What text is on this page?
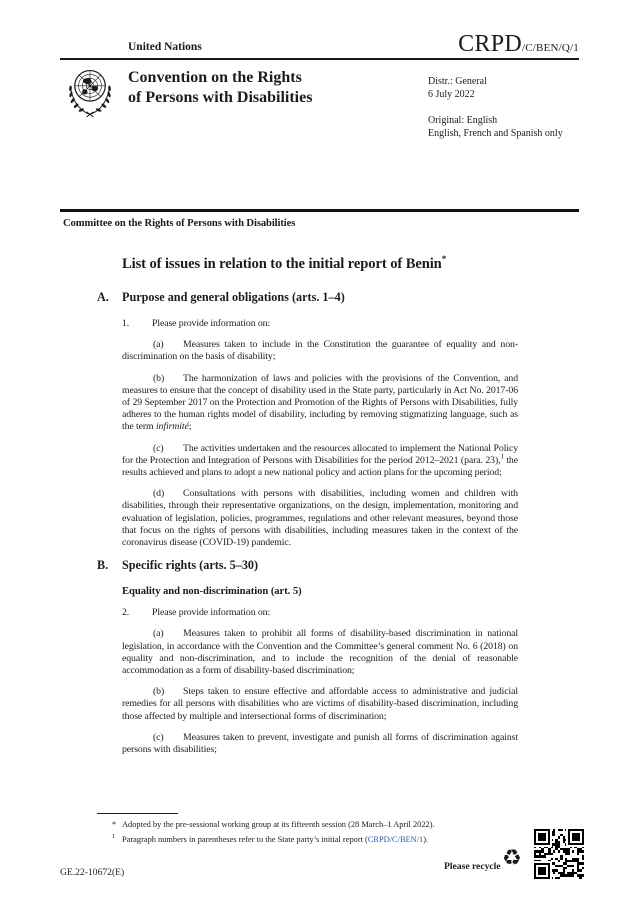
United Nations	CRPD/C/BEN/Q/1
Convention on the Rights
of Persons with Disabilities
Distr.: General
6 July 2022
Original: English
English, French and Spanish only
Committee on the Rights of Persons with Disabilities
List of issues in relation to the initial report of Benin*
A. Purpose and general obligations (arts. 1–4)

1. Please provide information on:

(a) Measures taken to include in the Constitution the guarantee of equality and non-discrimination on the basis of disability;

(b) The harmonization of laws and policies with the provisions of the Convention, and measures to ensure that the concept of disability used in the State party, particularly in Act No. 2017-06 of 29 September 2017 on the Protection and Promotion of the Rights of Persons with Disabilities, fully adheres to the human rights model of disability, including by removing stigmatizing language, such as the term infirmité;

(c) The activities undertaken and the resources allocated to implement the National Policy for the Protection and Integration of Persons with Disabilities for the period 2012–2021 (para. 23),$^1$ the results achieved and plans to adopt a new national policy and action plans for the upcoming period;

(d) Consultations with persons with disabilities, including women and children with disabilities, through their representative organizations, on the design, implementation, monitoring and evaluation of legislation, policies, programmes, regulations and other relevant measures, beyond those that focus on the rights of persons with disabilities, including measures taken in the context of the coronavirus disease (COVID-19) pandemic.

B. Specific rights (arts. 5–30)
Equality and non-discrimination (art. 5)

2. Please provide information on:

(a) Measures taken to prohibit all forms of disability-based discrimination in national legislation, in accordance with the Convention and the Committee’s general comment No. 6 (2018) on equality and non-discrimination, and to include the recognition of the denial of reasonable accommodation as a form of disability-based discrimination;

(b) Steps taken to ensure effective and affordable access to administrative and judicial remedies for all persons with disabilities who are victims of disability-based discrimination, including those affected by multiple and intersectional forms of discrimination;

(c) Measures taken to prevent, investigate and punish all forms of discrimination against persons with disabilities;

* Adopted by the pre-sessional working group at its fifteenth session (28 March–1 April 2022).

$^1$ Paragraph numbers in parentheses refer to the State party’s initial report (CRPD/C/BEN/1).

GE.22-10672(E)
Please recycle ♻
